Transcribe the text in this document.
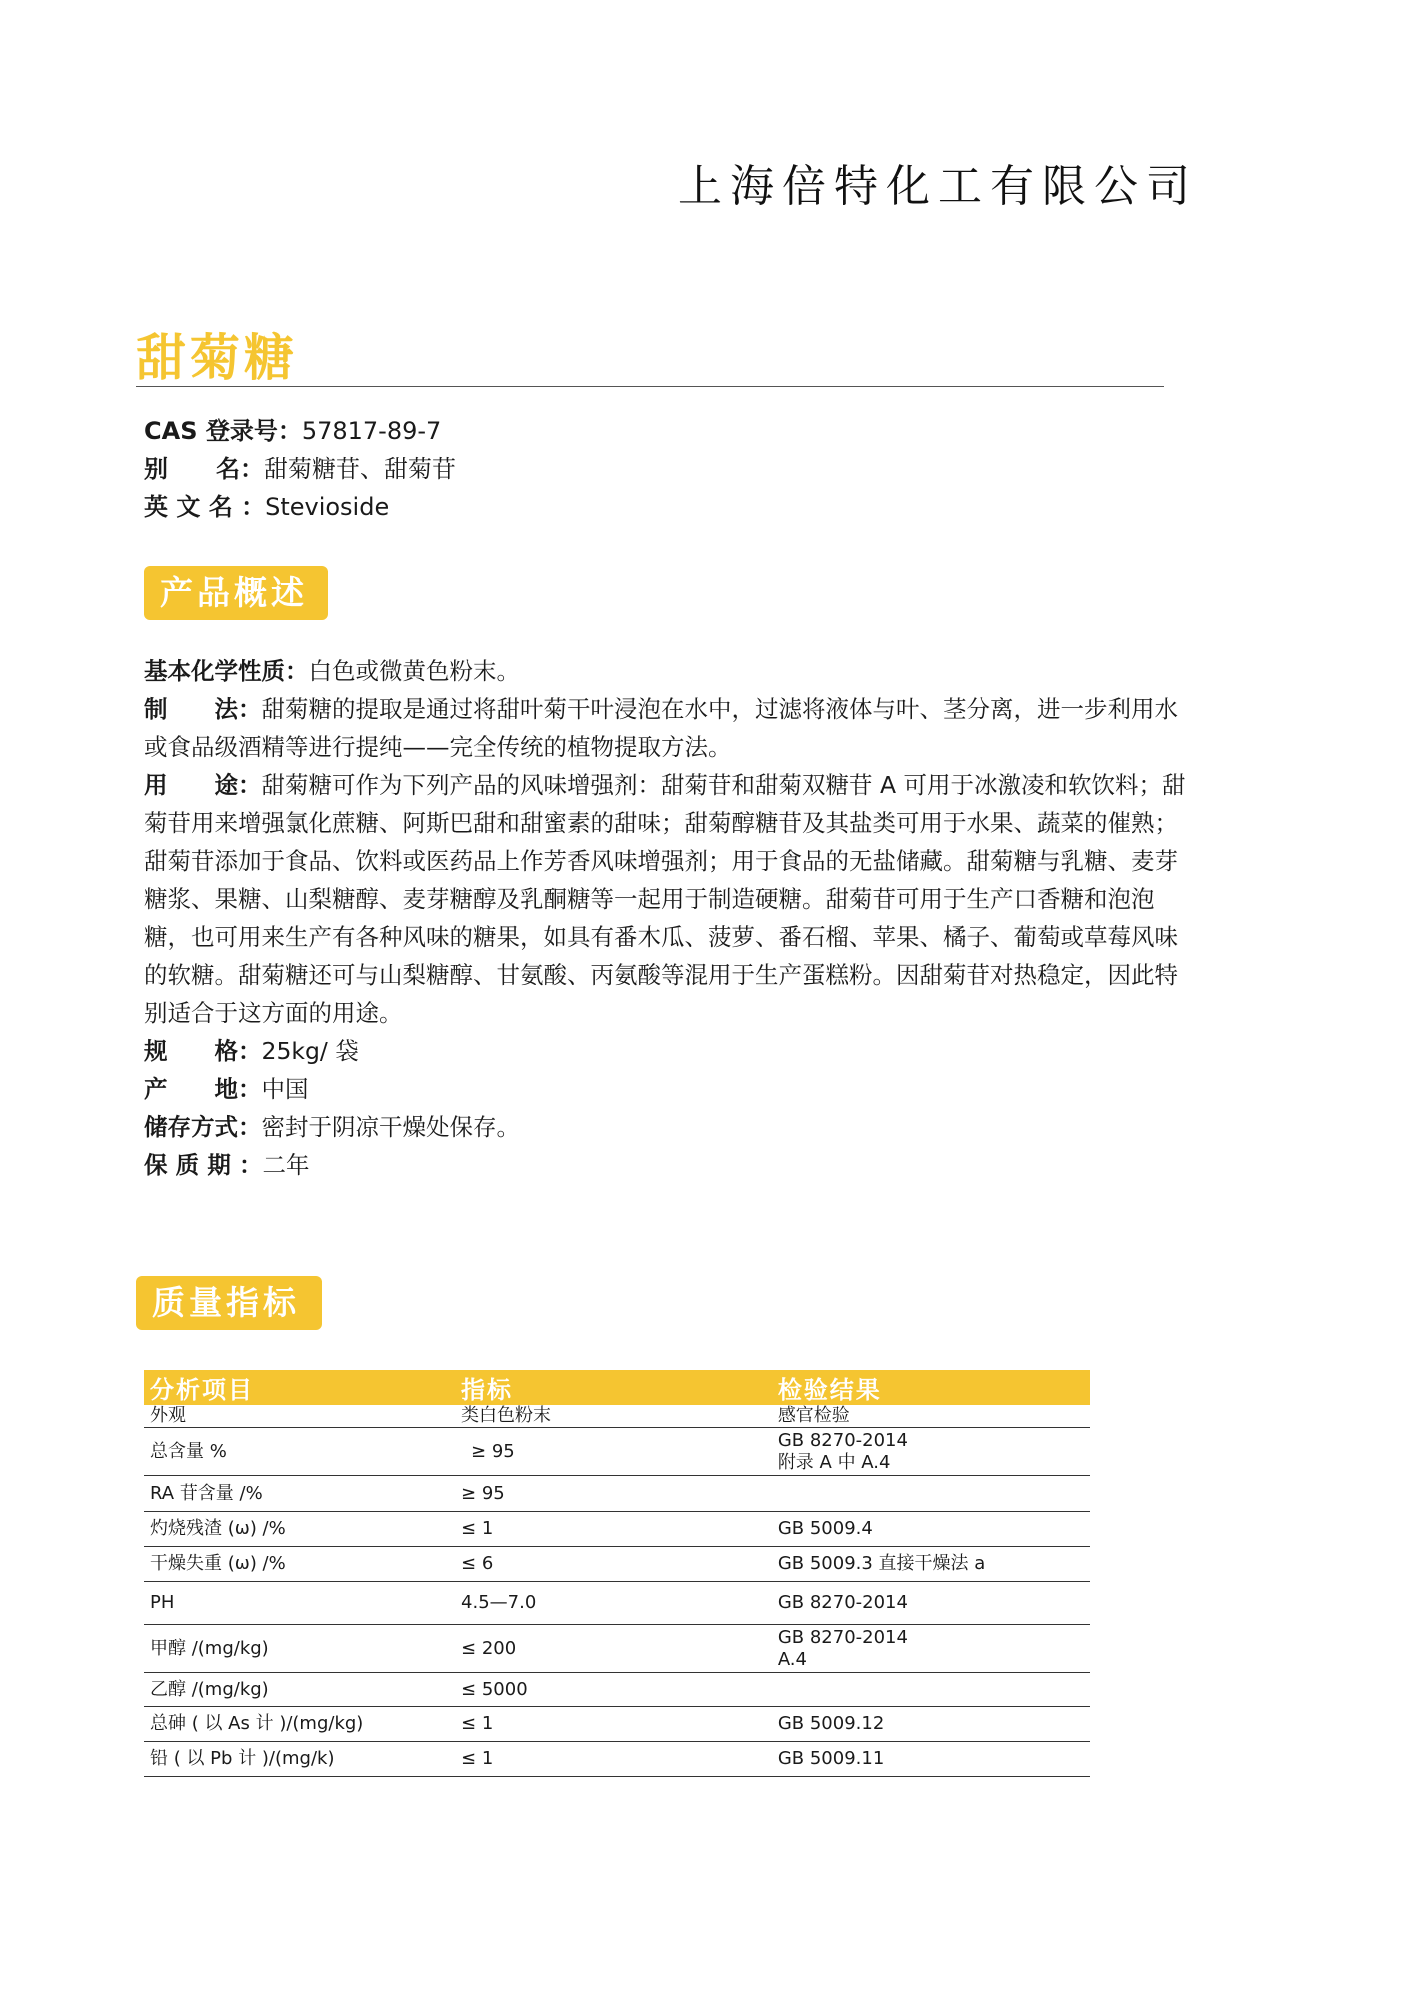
上海倍特化工有限公司
甜菊糖
CAS 登录号：57817-89-7
别　　名：甜菊糖苷、甜菊苷
英 文 名 ：Stevioside
产品概述

基本化学性质：白色或微黄色粉末。

制　　法：甜菊糖的提取是通过将甜叶菊干叶浸泡在水中，过滤将液体与叶、茎分离，进一步利用水或食品级酒精等进行提纯——完全传统的植物提取方法。

用　　途：甜菊糖可作为下列产品的风味增强剂：甜菊苷和甜菊双糖苷 A 可用于冰激凌和软饮料；甜菊苷用来增强氯化蔗糖、阿斯巴甜和甜蜜素的甜味；甜菊醇糖苷及其盐类可用于水果、蔬菜的催熟；甜菊苷添加于食品、饮料或医药品上作芳香风味增强剂；用于食品的无盐储藏。甜菊糖与乳糖、麦芽糖浆、果糖、山梨糖醇、麦芽糖醇及乳酮糖等一起用于制造硬糖。甜菊苷可用于生产口香糖和泡泡糖，也可用来生产有各种风味的糖果，如具有番木瓜、菠萝、番石榴、苹果、橘子、葡萄或草莓风味的软糖。甜菊糖还可与山梨糖醇、甘氨酸、丙氨酸等混用于生产蛋糕粉。因甜菊苷对热稳定，因此特别适合于这方面的用途。

规　　格：25kg/ 袋

产　　地：中国

储存方式：密封于阴凉干燥处保存。

保 质 期 ：二年

质量指标
分析项目	指标	检验结果
外观	类白色粉末	感官检验

总含量 %	≥ 95	GB 8270-2014
附录 A 中 A.4

RA 苷含量 /%	≥ 95	

灼烧残渣 (ω) /%	≤ 1	GB 5009.4

干燥失重 (ω) /%	≤ 6	GB 5009.3 直接干燥法 a

PH	4.5—7.0	GB 8270-2014

甲醇 /(mg/kg)	≤ 200	GB 8270-2014
A.4

乙醇 /(mg/kg)	≤ 5000	

总砷 ( 以 As 计 )/(mg/kg)	≤ 1	GB 5009.12

铅 ( 以 Pb 计 )/(mg/k)	≤ 1	GB 5009.11
